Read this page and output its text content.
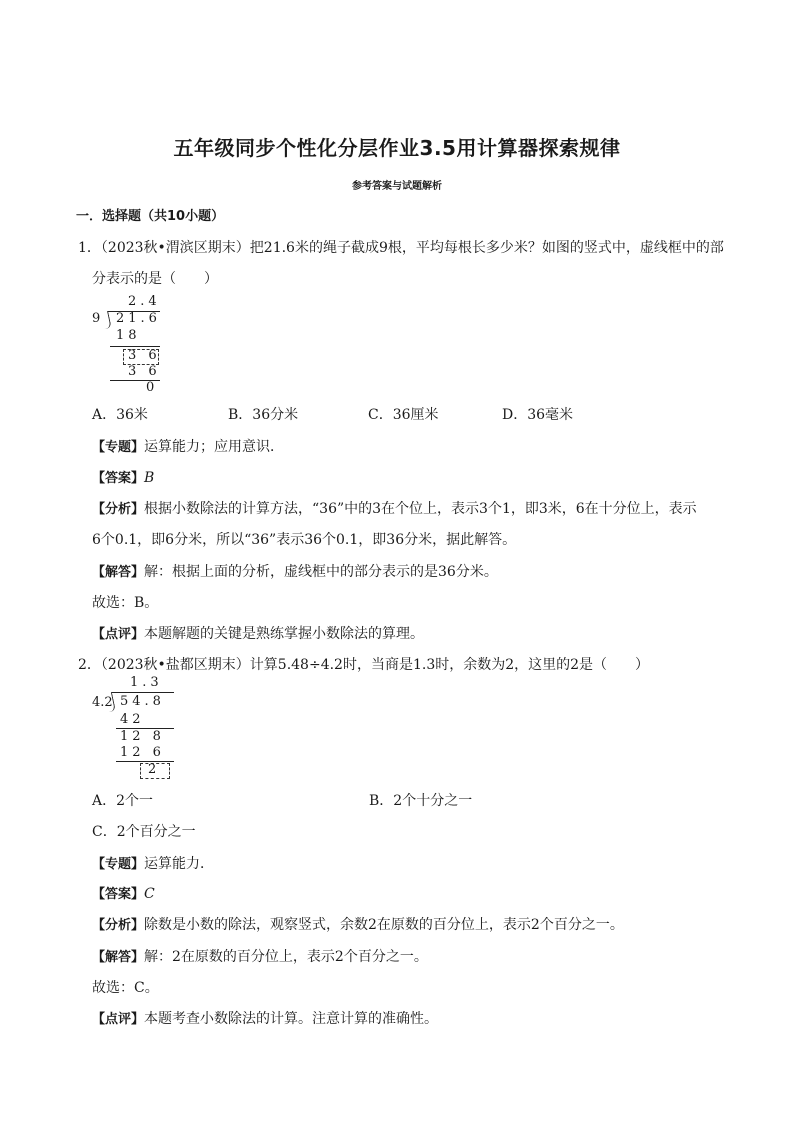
五年级同步个性化分层作业3.5用计算器探索规律
参考答案与试题解析
一．选择题（共10小题）
1．（2023秋•渭滨区期末）把21.6米的绳子截成9根，平均每根长多少米？如图的竖式中，虚线框中的部
分表示的是（　　）
2.4
9 21.6
18
3 6
3 6
0
A．36米	B．36分米	C．36厘米	D．36毫米
【专题】运算能力；应用意识．
【答案】B
【分析】根据小数除法的计算方法，“36”中的3在个位上，表示3个1，即3米，6在十分位上，表示
6个0.1，即6分米，所以“36”表示36个0.1，即36分米，据此解答。
【解答】解：根据上面的分析，虚线框中的部分表示的是36分米。
故选：B。
【点评】本题解题的关键是熟练掌握小数除法的算理。
2．（2023秋•盐都区期末）计算5.48÷4.2时，当商是1.3时，余数为2，这里的2是（　　）
1.3
4.2 54.8
42
12 8
12 6
2
A．2个一	B．2个十分之一
C．2个百分之一
【专题】运算能力．
【答案】C
【分析】除数是小数的除法，观察竖式，余数2在原数的百分位上，表示2个百分之一。
【解答】解：2在原数的百分位上，表示2个百分之一。
故选：C。
【点评】本题考查小数除法的计算。注意计算的准确性。
